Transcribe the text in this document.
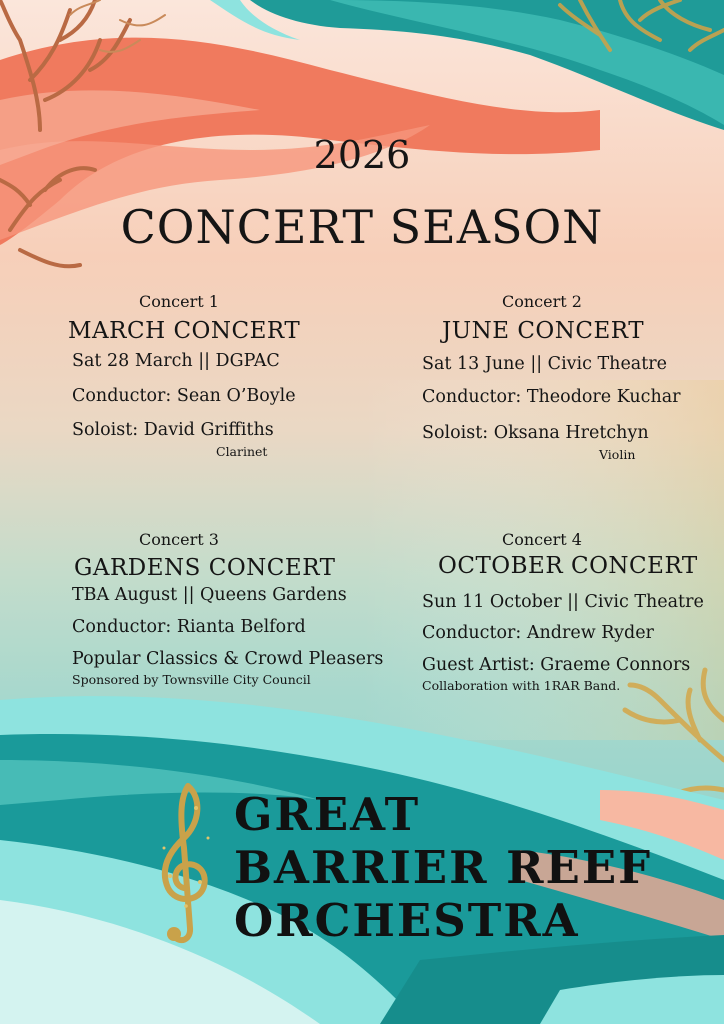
2026
CONCERT SEASON
Concert 1
MARCH CONCERT
Sat 28 March || DGPAC
Conductor: Sean O’Boyle
Soloist: David Griffiths
Clarinet
Concert 2
JUNE CONCERT
Sat 13 June || Civic Theatre
Conductor: Theodore Kuchar
Soloist: Oksana Hretchyn
Violin
Concert 3
GARDENS CONCERT
TBA August || Queens Gardens
Conductor: Rianta Belford
Popular Classics & Crowd Pleasers
Sponsored by Townsville City Council
Concert 4
OCTOBER CONCERT
Sun 11 October || Civic Theatre
Conductor: Andrew Ryder
Guest Artist: Graeme Connors
Collaboration with 1RAR Band.
GREAT
BARRIER REEF
ORCHESTRA
